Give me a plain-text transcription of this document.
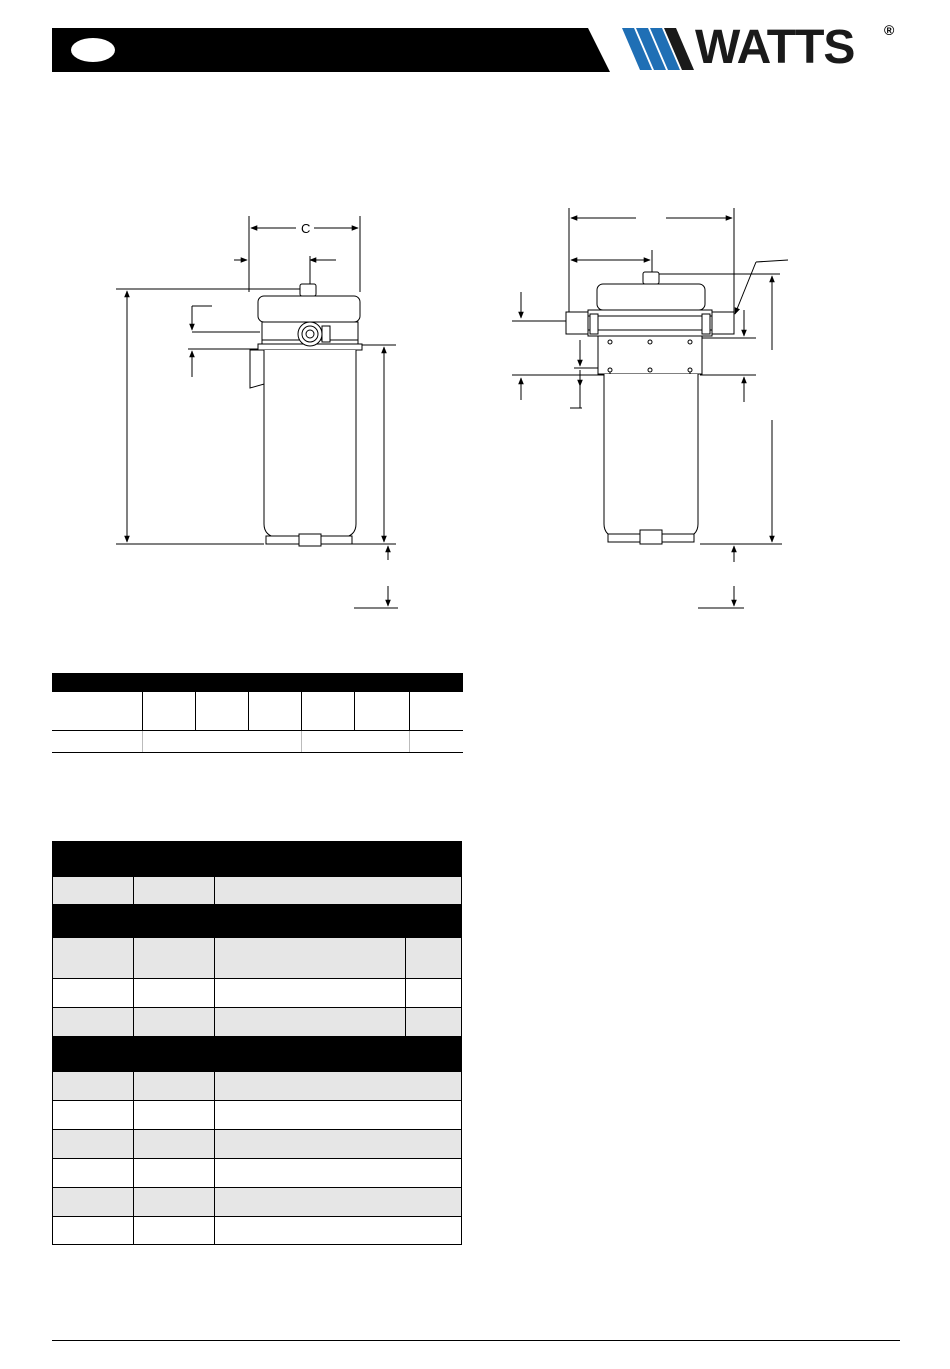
WATTS ®
C
